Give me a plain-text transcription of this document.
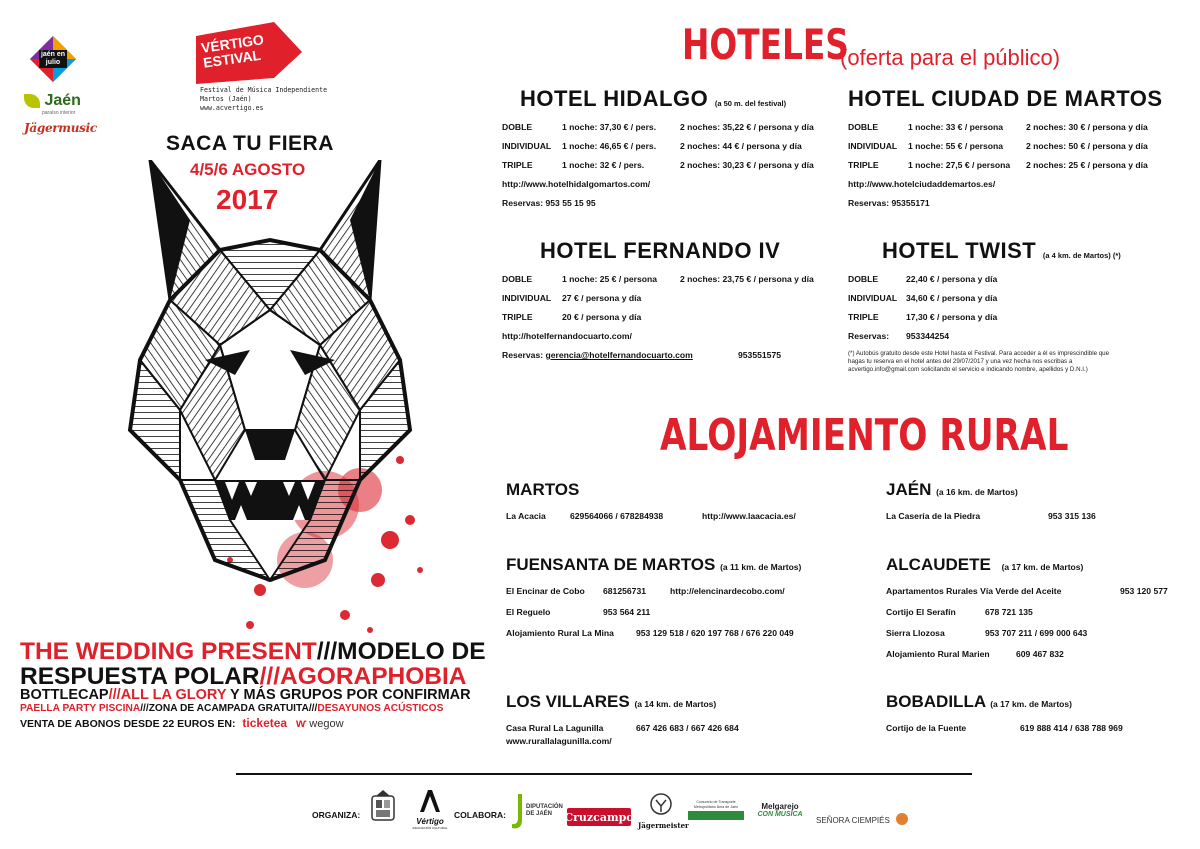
jaén en julio
Jaén
paraíso interior
Jägermusic
VÉRTIGO ESTIVAL
Festival de Música Independiente
Martos (Jaén)
www.acvertigo.es
SACA TU FIERA
4/5/6 AGOSTO
2017
THE WEDDING PRESENT///MODELO DE
RESPUESTA POLAR///AGORAPHOBIA
BOTTLECAP///ALL LA GLORY Y MÁS GRUPOS POR CONFIRMAR
PAELLA PARTY PISCINA///ZONA DE ACAMPADA GRATUITA///DESAYUNOS ACÚSTICOS
VENTA DE ABONOS DESDE 22 EUROS EN: ticketea ⱳ wegow
HOTELES
(oferta para el público)
HOTEL HIDALGO (a 50 m. del festival)
DOBLE	1 noche: 37,30 € / pers.	2 noches: 35,22 € / persona y día
INDIVIDUAL 1 noche: 46,65 € / pers.	2 noches: 44 € / persona y día
TRIPLE	1 noche: 32 € / pers.	2 noches: 30,23 € / persona y día
http://www.hotelhidalgomartos.com/
Reservas: 953 55 15 95
HOTEL CIUDAD DE MARTOS
DOBLE	1 noche: 33 € / persona	2 noches: 30 € / persona y día
INDIVIDUAL 1 noche: 55 € / persona	2 noches: 50 € / persona y día
TRIPLE	1 noche: 27,5 € / persona 2 noches: 25 € / persona y día
http://www.hotelciudaddemartos.es/
Reservas: 95355171
HOTEL FERNANDO IV
DOBLE	1 noche: 25 € / persona	2 noches: 23,75 € / persona y día
INDIVIDUAL 27 € / persona y día
TRIPLE	20 € / persona y día
http://hotelfernandocuarto.com/
Reservas: gerencia@hotelfernandocuarto.com	953551575
HOTEL TWIST (a 4 km. de Martos) (*)
DOBLE	22,40 € / persona y día
INDIVIDUAL 34,60 € / persona y día
TRIPLE	17,30 € / persona y día
Reservas: 953344254
(*) Autobús gratuito desde este Hotel hasta el Festival. Para acceder a él es imprescindible que
hagas tu reserva en el hotel antes del 29/07/2017 y una vez hecha nos escribas a
acvertigo.info@gmail.com solicitando el servicio e indicando nombre, apellidos y D.N.I.)
ALOJAMIENTO RURAL
MARTOS
La Acacia	629564066 / 678284938	http://www.laacacia.es/
JAÉN (a 16 km. de Martos)
La Casería de la Piedra	953 315 136
FUENSANTA DE MARTOS (a 11 km. de Martos)
El Encinar de Cobo 681256731	http://elencinardecobo.com/
El Reguelo	953 564 211
Alojamiento Rural La Mina	953 129 518 / 620 197 768 / 676 220 049
ALCAUDETE (a 17 km. de Martos)
Apartamentos Rurales Vía Verde del Aceite	953 120 577
Cortijo El Serafín	678 721 135
Sierra Llozosa	953 707 211 / 699 000 643
Alojamiento Rural Marien	609 467 832
LOS VILLARES (a 14 km. de Martos)
Casa Rural La Lagunilla	667 426 683 / 667 426 684
www.rurallalagunilla.com/
BOBADILLA (a 17 km. de Martos)
Cortijo de la Fuente	619 888 414 / 638 788 969
ORGANIZA:
Vértigo
ASOCIACIÓN CULTURAL
COLABORA:
DIPUTACIÓN DE JAÉN	Cruzcampo
Jägermeister
Consorcio de Transporte Metropolitano Área de Jaén	Melgarejo
CON MÚSICA
SEÑORA CIEMPIÉS
